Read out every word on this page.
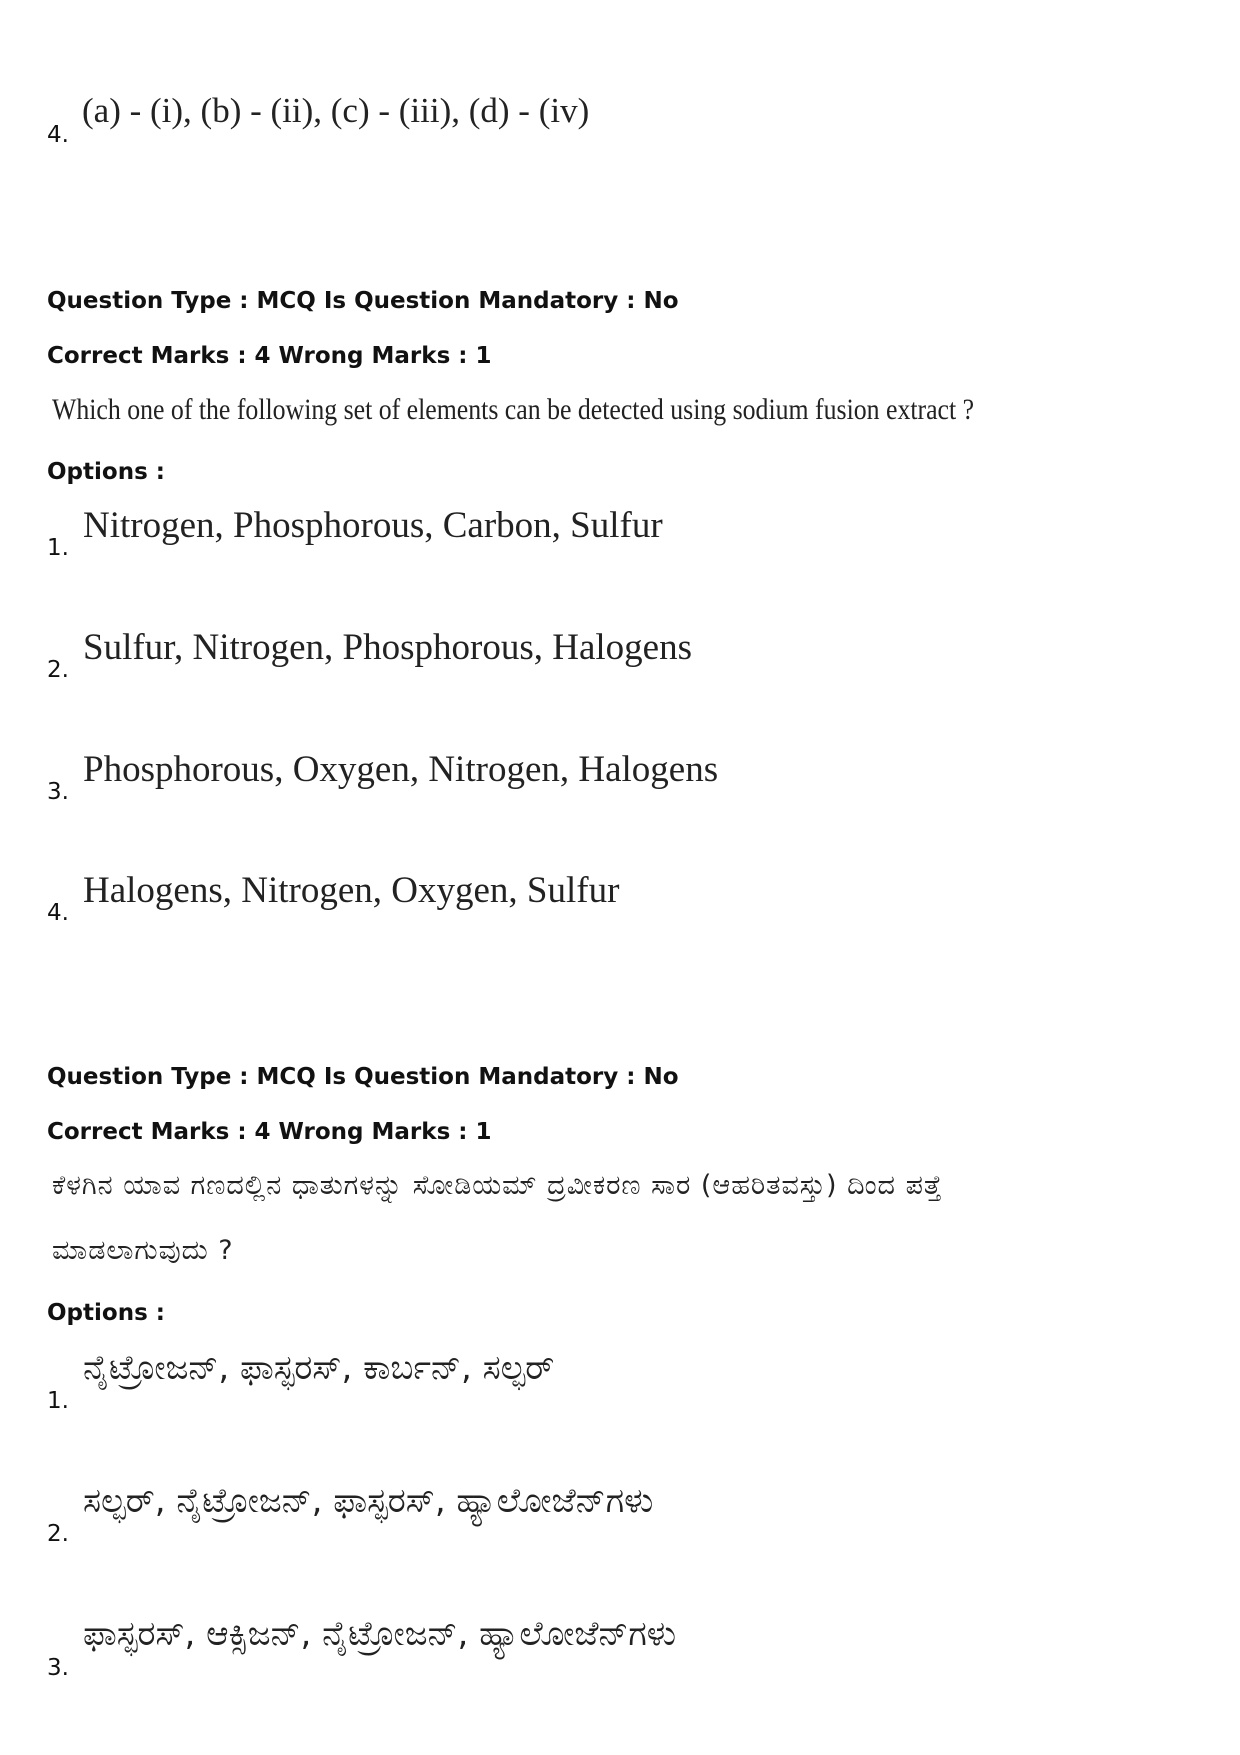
4.
(a) - (i), (b) - (ii), (c) - (iii), (d) - (iv)
Question Type : MCQ Is Question Mandatory : No
Correct Marks : 4 Wrong Marks : 1
Which one of the following set of elements can be detected using sodium fusion extract ?
Options :
1.
Nitrogen, Phosphorous, Carbon, Sulfur
2.
Sulfur, Nitrogen, Phosphorous, Halogens
3.
Phosphorous, Oxygen, Nitrogen, Halogens
4.
Halogens, Nitrogen, Oxygen, Sulfur
Question Type : MCQ Is Question Mandatory : No
Correct Marks : 4 Wrong Marks : 1
ಕೆಳಗಿನ ಯಾವ ಗಣದಲ್ಲಿನ ಧಾತುಗಳನ್ನು ಸೋಡಿಯಮ್ ದ್ರವೀಕರಣ ಸಾರ (ಆಹರಿತವಸ್ತು) ದಿಂದ ಪತ್ತೆ
ಮಾಡಲಾಗುವುದು ?
Options :
1.
ನೈಟ್ರೋಜನ್, ಫಾಸ್ಫರಸ್, ಕಾರ್ಬನ್, ಸಲ್ಫರ್
2.
ಸಲ್ಫರ್, ನೈಟ್ರೋಜನ್, ಫಾಸ್ಫರಸ್, ಹ್ಯಾಲೋಜೆನ್‌ಗಳು
3.
ಫಾಸ್ಫರಸ್, ಆಕ್ಸಿಜನ್, ನೈಟ್ರೋಜನ್, ಹ್ಯಾಲೋಜೆನ್‌ಗಳು
